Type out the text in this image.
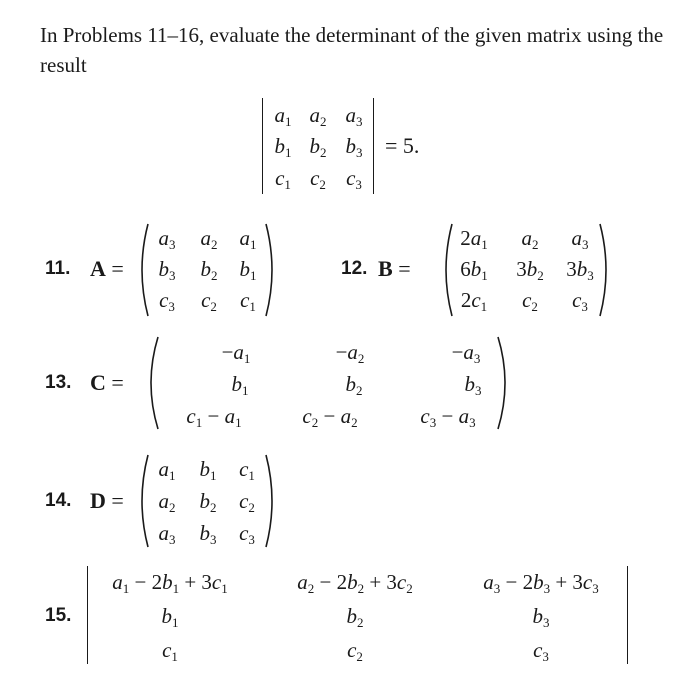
In Problems 11–16, evaluate the determinant of the given matrix using the result
$a_1$ $a_2$ $a_3$
$b_1$ $b_2$ $b_3$
$c_1$ $c_2$ $c_3$
= 5.
11. A =
$a_3$ $a_2$ $a_1$
$b_3$ $b_2$ $b_1$
$c_3$ $c_2$ $c_1$
12. B =
$2a_1$ $a_2$ $a_3$
$6b_1$ $3b_2$ $3b_3$
$2c_1$ $c_2$ $c_3$
13. C =
$-a_1$	$-a_2$	$-a_3$
$b_1$	$b_2$	$b_3$
$c_1 - a_1$	$c_2 - a_2$	$c_3 - a_3$
14. D =
$a_1$ $b_1$ $c_1$
$a_2$ $b_2$ $c_2$
$a_3$ $b_3$ $c_3$
15.
$a_1 - 2b_1 + 3c_1$	$a_2 - 2b_2 + 3c_2$	$a_3 - 2b_3 + 3c_3$
$b_1$	$b_2$	$b_3$
$c_1$	$c_2$	$c_3$
